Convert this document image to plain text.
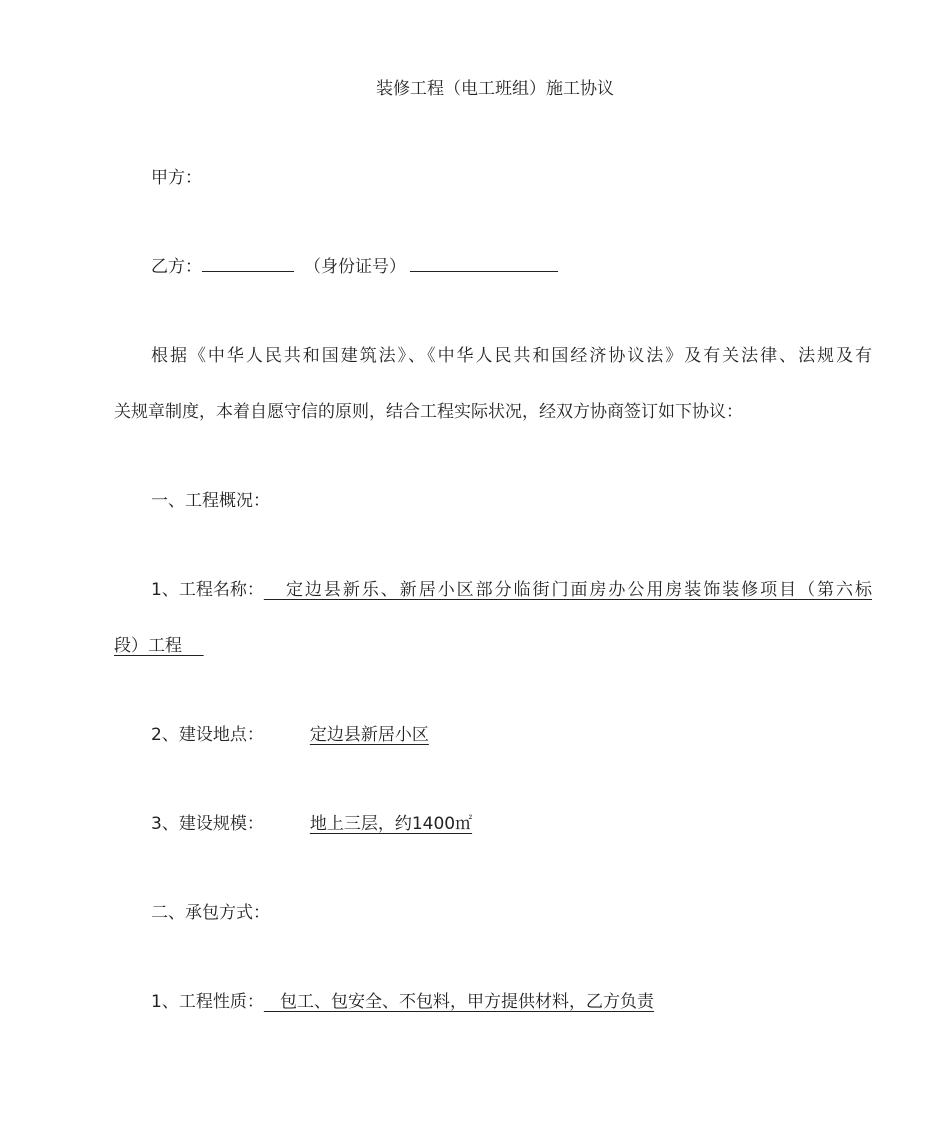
装修工程（电工班组）施工协议
甲方：
乙方：	（身份证号）
根据《中华人民共和国建筑法》、《中华人民共和国经济协议法》及有关法律、法规及有
关规章制度，本着自愿守信的原则，结合工程实际状况，经双方协商签订如下协议：
一、工程概况：
1、工程名称： 定边县新乐、新居小区部分临街门面房办公用房装饰装修项目（第六标
段）工程
2、建设地点：	定边县新居小区
3、建设规模：	地上三层，约1400㎡
二、承包方式：
1、工程性质：   包工、包安全、不包料，甲方提供材料，乙方负责
